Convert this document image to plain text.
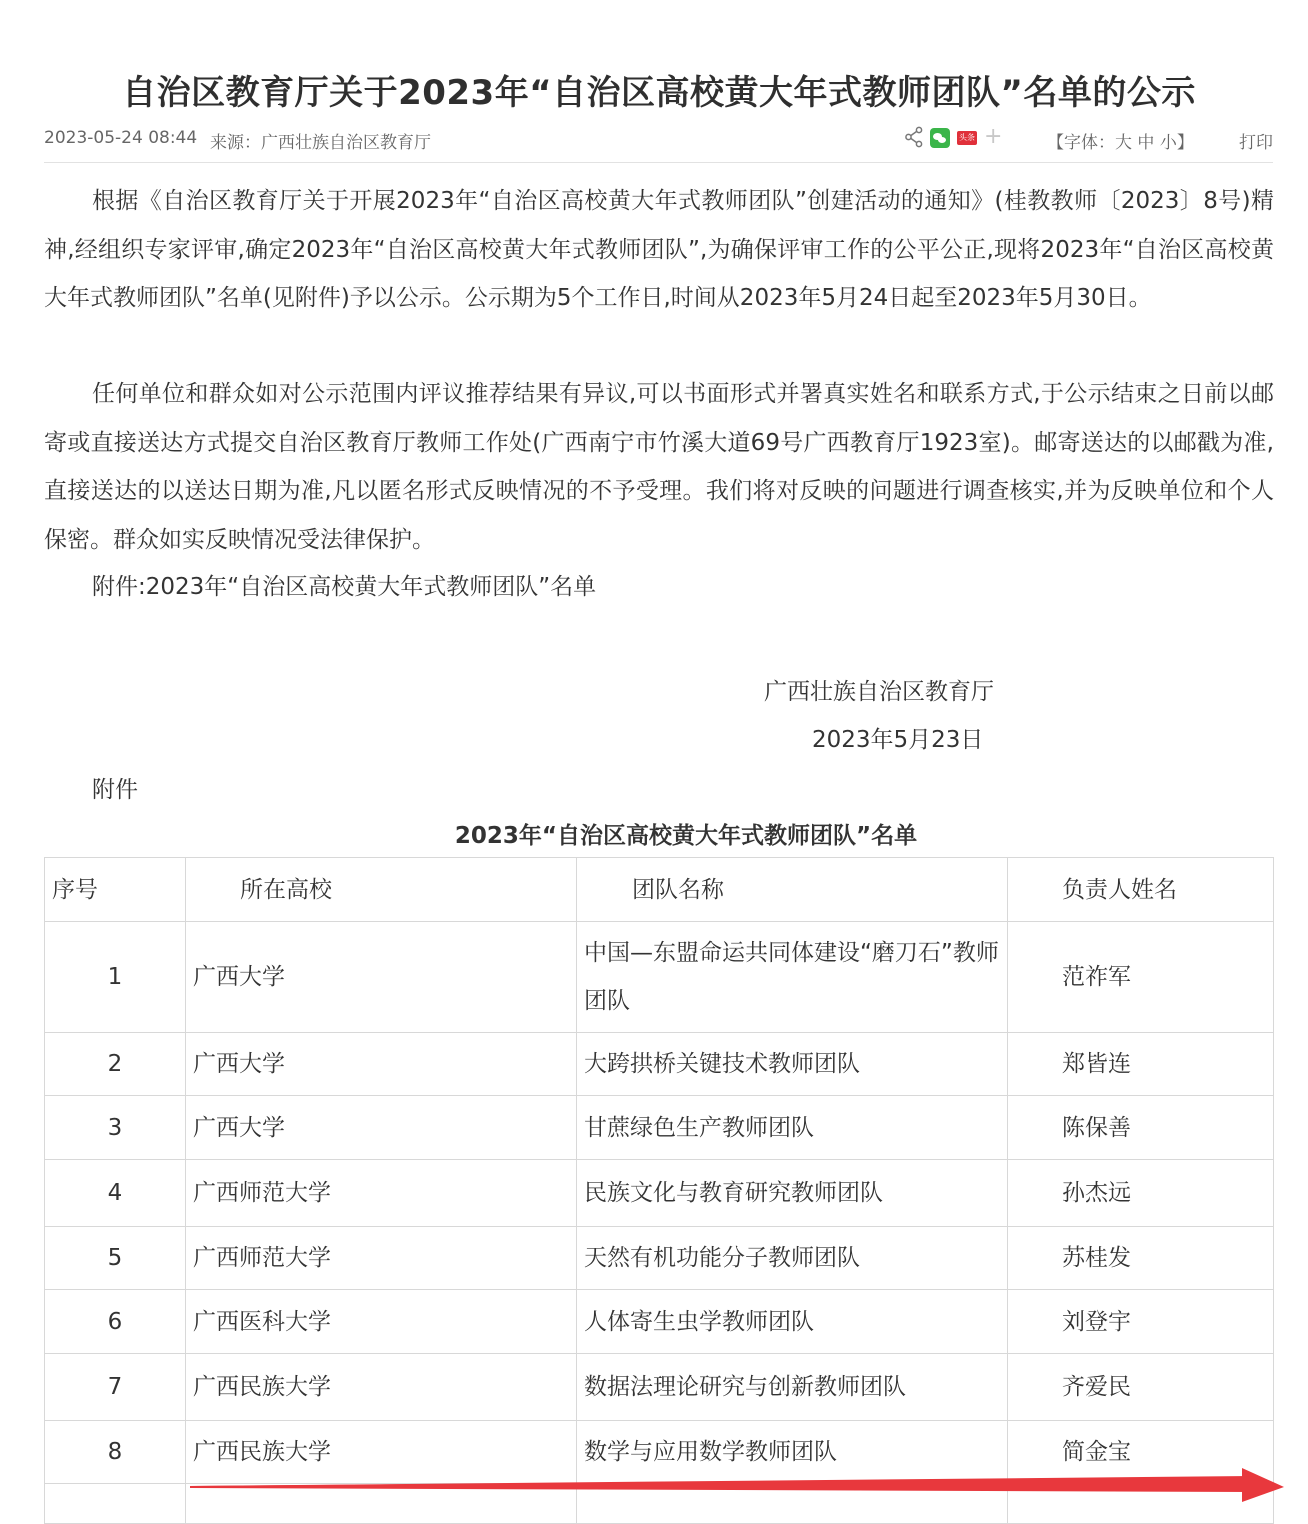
自治区教育厅关于2023年“自治区高校黄大年式教师团队”名单的公示
2023-05-24 08:44 来源：广西壮族自治区教育厅	头条 +	【字体：大 中 小】	打印

根据《自治区教育厅关于开展2023年“自治区高校黄大年式教师团队”创建活动的通知》(桂教教师〔2023〕8号)精神,经组织专家评审,确定2023年“自治区高校黄大年式教师团队”,为确保评审工作的公平公正,现将2023年“自治区高校黄大年式教师团队”名单(见附件)予以公示。公示期为5个工作日,时间从2023年5月24日起至2023年5月30日。

任何单位和群众如对公示范围内评议推荐结果有异议,可以书面形式并署真实姓名和联系方式,于公示结束之日前以邮寄或直接送达方式提交自治区教育厅教师工作处(广西南宁市竹溪大道69号广西教育厅1923室)。邮寄送达的以邮戳为准,直接送达的以送达日期为准,凡以匿名形式反映情况的不予受理。我们将对反映的问题进行调查核实,并为反映单位和个人保密。群众如实反映情况受法律保护。

附件:2023年“自治区高校黄大年式教师团队”名单

广西壮族自治区教育厅
2023年5月23日
附件
2023年“自治区高校黄大年式教师团队”名单
序号	所在高校	团队名称	负责人姓名
1	广西大学	中国—东盟命运共同体建设“磨刀石”教师团队	范祚军
2	广西大学	大跨拱桥关键技术教师团队	郑皆连
3	广西大学	甘蔗绿色生产教师团队	陈保善
4	广西师范大学	民族文化与教育研究教师团队	孙杰远
5	广西师范大学	天然有机功能分子教师团队	苏桂发
6	广西医科大学	人体寄生虫学教师团队	刘登宇
7	广西民族大学	数据法理论研究与创新教师团队	齐爱民
8	广西民族大学	数学与应用数学教师团队	简金宝
